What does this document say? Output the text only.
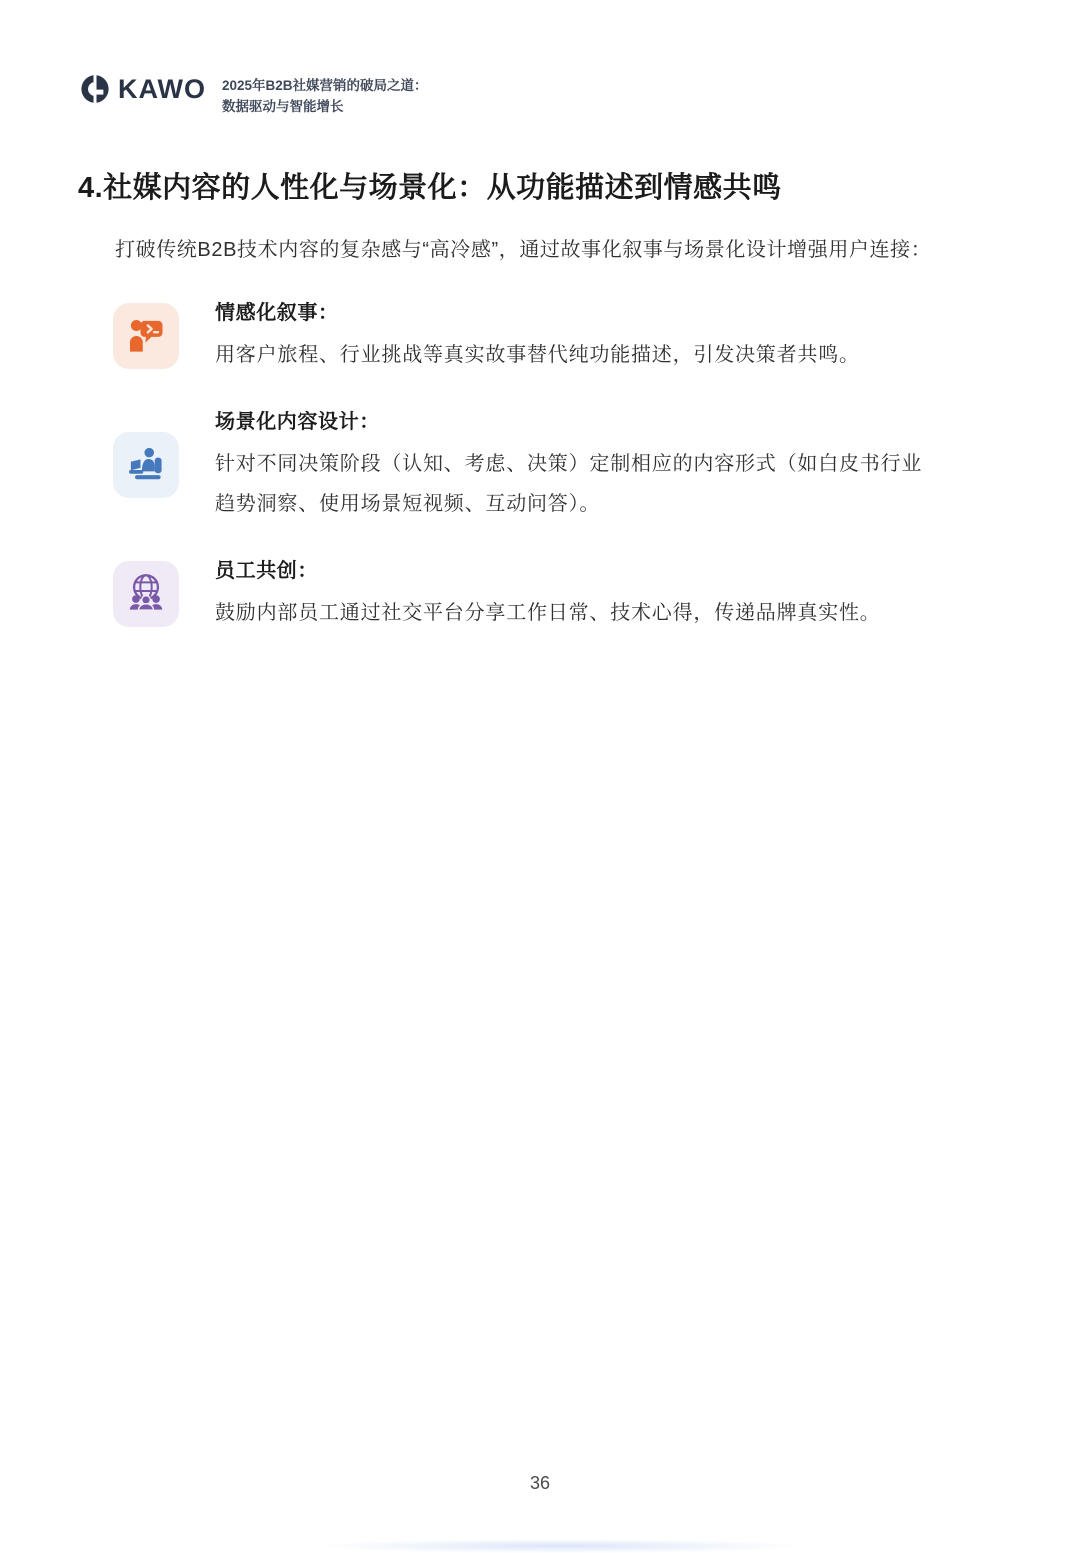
KAWO 2025年B2B社媒营销的破局之道：
数据驱动与智能增长
4.社媒内容的人性化与场景化：从功能描述到情感共鸣

打破传统B2B技术内容的复杂感与“高冷感”，通过故事化叙事与场景化设计增强用户连接：

情感化叙事：
用客户旅程、行业挑战等真实故事替代纯功能描述，引发决策者共鸣。
场景化内容设计：
针对不同决策阶段（认知、考虑、决策）定制相应的内容形式（如白皮书行业趋势洞察、使用场景短视频、互动问答）。
员工共创：
鼓励内部员工通过社交平台分享工作日常、技术心得，传递品牌真实性。
36
